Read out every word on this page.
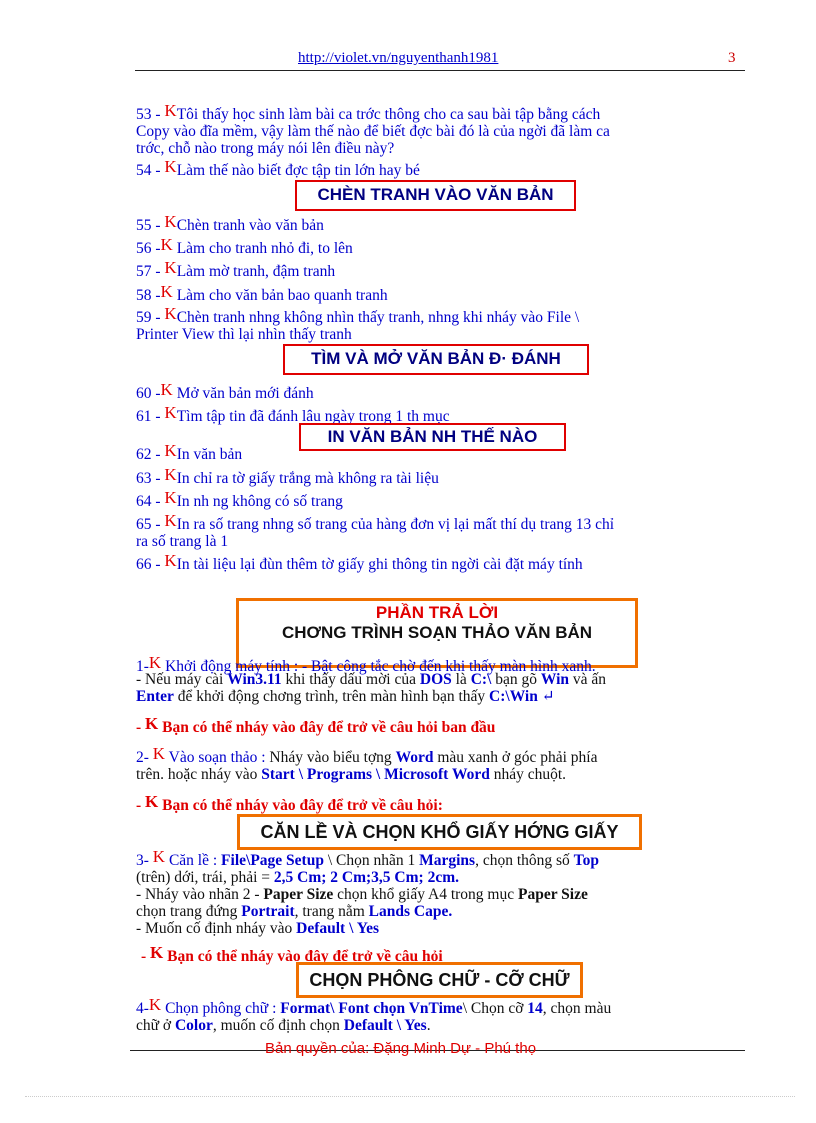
http://violet.vn/nguyenthanh1981	3
53 - KTôi thấy học sinh làm bài ca trớc thông cho ca sau bài tập bằng cách
Copy vào đĩa mềm, vậy làm thế nào để biết đợc bài đó là của ngời đã làm ca
trớc, chỗ nào trong máy nói lên điều này?
54 - KLàm thế nào biết đợc tập tin lớn hay bé
CHÈN TRANH VÀO VĂN BẢN
55 - KChèn tranh vào văn bản
56 -K Làm cho tranh nhỏ đi, to lên
57 - KLàm mờ tranh, đậm tranh
58 -K Làm cho văn bản bao quanh tranh
59 - KChèn tranh nhng không nhìn thấy tranh, nhng khi nháy vào File \
Printer View thì lại nhìn thấy tranh
TÌM VÀ MỞ VĂN BẢN Đ· ĐÁNH
60 -K Mở văn bản mới đánh
61 - KTìm tập tin đã đánh lâu ngày trong 1 th mục
IN VĂN BẢN NH THẾ NÀO
62 - KIn văn bản
63 - KIn chỉ ra tờ giấy trắng mà không ra tài liệu
64 - KIn nh ng không có số trang
65 - KIn ra số trang nhng số trang của hàng đơn vị lại mất thí dụ trang 13 chỉ
ra số trang là 1
66 - KIn tài liệu lại đùn thêm tờ giấy ghi thông tin ngời cài đặt máy tính
PHẦN TRẢ LỜI
CHƠNG TRÌNH SOẠN THẢO VĂN BẢN
1-K Khởi động máy tính : - Bật công tắc chờ đến khi thấy màn hình xanh.
- Nếu máy cài Win3.11 khi thấy dấu mời của DOS là C:\ bạn gõ Win và ấn
Enter để khởi động chơng trình, trên màn hình bạn thấy C:\Win ↵
- K Bạn có thể nháy vào đây để trở về câu hỏi ban đầu
2- K Vào soạn thảo : Nháy vào biểu tợng Word màu xanh ở góc phải phía
trên. hoặc nháy vào Start \ Programs \ Microsoft Word nháy chuột.
- K Bạn có thể nháy vào đây để trở về câu hỏi:
CĂN LỀ VÀ CHỌN KHỔ GIẤY HỚNG GIẤY
3- K Căn lề : File\Page Setup \ Chọn nhãn 1 Margins, chọn thông số Top
(trên) dới, trái, phải = 2,5 Cm; 2 Cm;3,5 Cm; 2cm.
- Nháy vào nhãn 2 - Paper Size chọn khổ giấy A4 trong mục Paper Size
chọn trang đứng Portrait, trang nằm Lands Cape.
- Muốn cố định nháy vào Default \ Yes
- K Bạn có thể nháy vào đây để trở về câu hỏi
CHỌN PHÔNG CHỮ - CỠ CHỮ
4-K Chọn phông chữ : Format\ Font chọn VnTime\ Chọn cỡ 14, chọn màu
chữ ở Color, muốn cố định chọn Default \ Yes.
Bản quyền của: Đặng Minh Dự - Phú thọ
